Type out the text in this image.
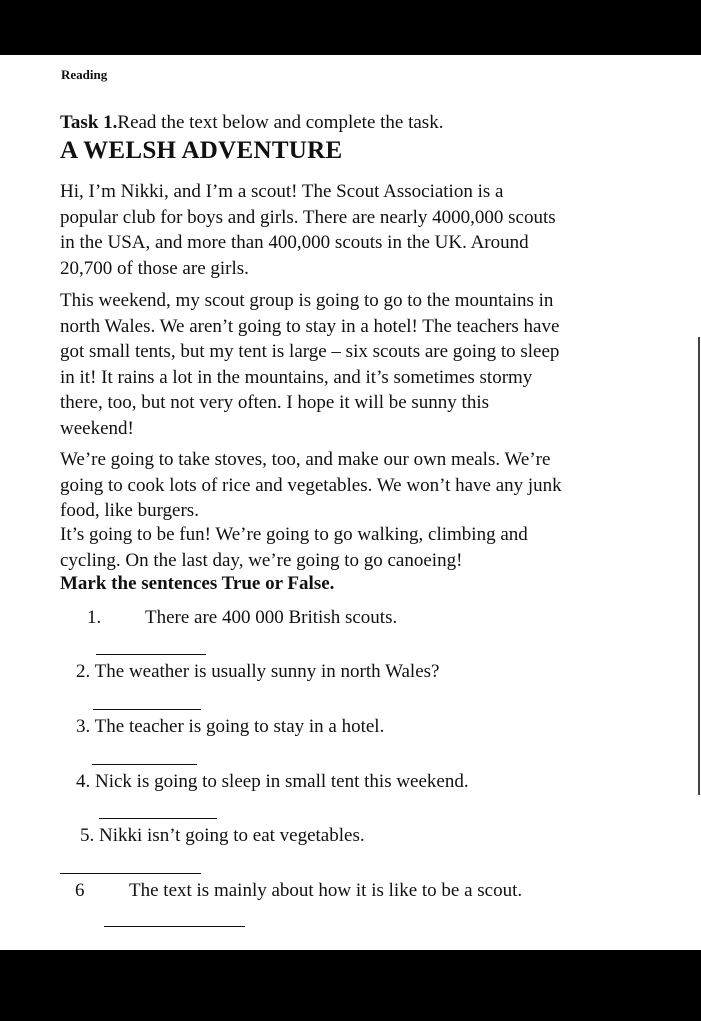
Reading
Task 1.Read the text below and complete the task.
A WELSH ADVENTURE
Hi, I’m Nikki, and I’m a scout! The Scout Association is a
popular club for boys and girls. There are nearly 4000,000 scouts
in the USA, and more than 400,000 scouts in the UK. Around
20,700 of those are girls.
This weekend, my scout group is going to go to the mountains in
north Wales. We aren’t going to stay in a hotel! The teachers have
got small tents, but my tent is large – six scouts are going to sleep
in it! It rains a lot in the mountains, and it’s sometimes stormy
there, too, but not very often. I hope it will be sunny this
weekend!
We’re going to take stoves, too, and make our own meals. We’re
going to cook lots of rice and vegetables. We won’t have any junk
food, like burgers.
It’s going to be fun! We’re going to go walking, climbing and
cycling. On the last day, we’re going to go canoeing!
Mark the sentences True or False.
1. There are 400 000 British scouts.
2. The weather is usually sunny in north Wales?
3. The teacher is going to stay in a hotel.
4. Nick is going to sleep in small tent this weekend.
5. Nikki isn’t going to eat vegetables.
6 The text is mainly about how it is like to be a scout.
